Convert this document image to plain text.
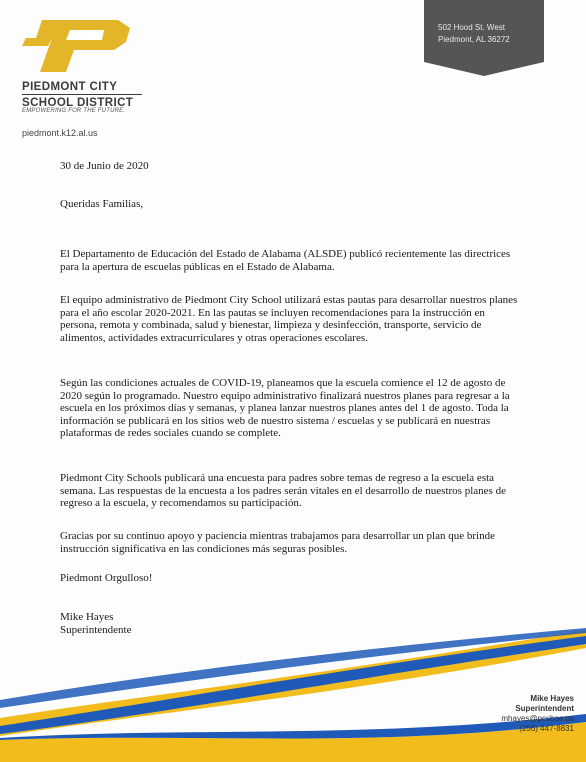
PIEDMONT CITY
SCHOOL DISTRICT
EMPOWERING FOR THE FUTURE.
piedmont.k12.al.us
502 Hood St. West
Piedmont, AL 36272
30 de Junio de 2020
Queridas Familias,

El Departamento de Educación del Estado de Alabama (ALSDE) publicó recientemente las directrices para la apertura de escuelas públicas en el Estado de Alabama.

El equipo administrativo de Piedmont City School utilizará estas pautas para desarrollar nuestros planes para el año escolar 2020-2021. En las pautas se incluyen recomendaciones para la instrucción en persona, remota y combinada, salud y bienestar, limpieza y desinfección, transporte, servicio de alimentos, actividades extracurriculares y otras operaciones escolares.

Según las condiciones actuales de COVID-19, planeamos que la escuela comience el 12 de agosto de 2020 según lo programado. Nuestro equipo administrativo finalizará nuestros planes para regresar a la escuela en los próximos días y semanas, y planea lanzar nuestros planes antes del 1 de agosto. Toda la información se publicará en los sitios web de nuestro sistema / escuelas y se publicará en nuestras plataformas de redes sociales cuando se complete.

Piedmont City Schools publicará una encuesta para padres sobre temas de regreso a la escuela esta semana. Las respuestas de la encuesta a los padres serán vitales en el desarrollo de nuestros planes de regreso a la escuela, y recomendamos su participación.

Gracias por su continuo apoyo y paciencia mientras trabajamos para desarrollar un plan que brinde instrucción significativa en las condiciones más seguras posibles.

Piedmont Orgulloso!
Mike Hayes
Superintendente
Mike Hayes
Superintendent
mhayes@pcsboe.us
(256) 447-8831
